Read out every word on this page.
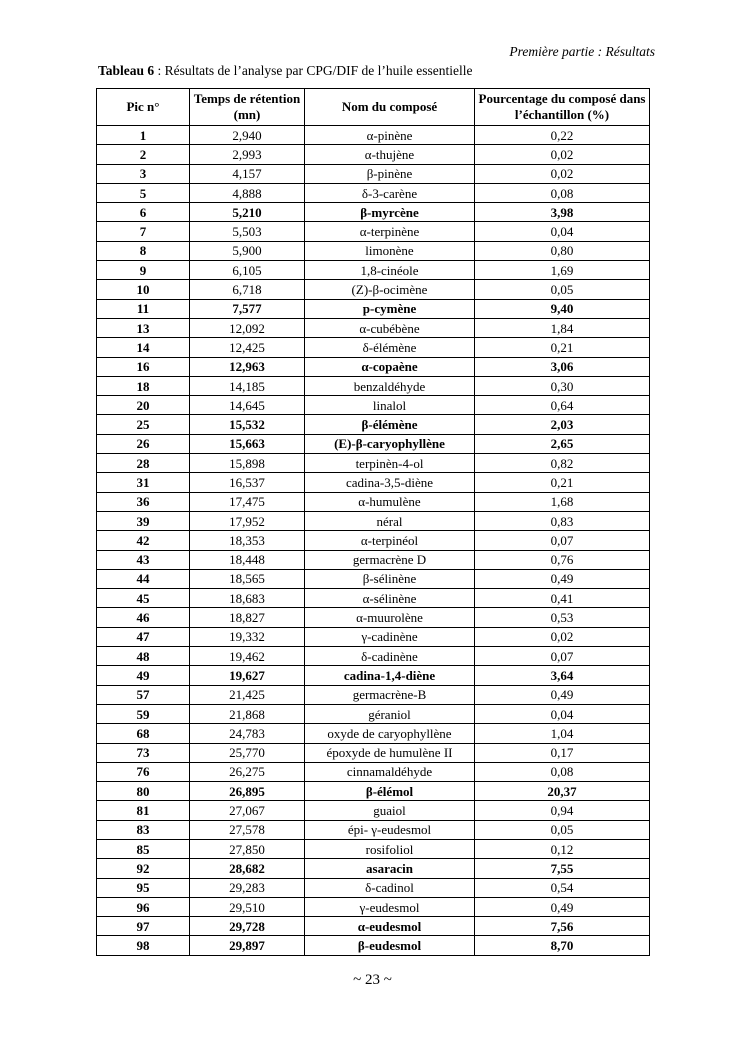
Première partie : Résultats
Tableau 6 : Résultats de l’analyse par CPG/DIF de l’huile essentielle
Pic n°	Temps de rétention (mn)	Nom du composé	Pourcentage du composé dans l’échantillon (%)
1	2,940	α-pinène	0,22
2	2,993	α-thujène	0,02
3	4,157	β-pinène	0,02
5	4,888	δ-3-carène	0,08
6	5,210	β-myrcène	3,98
7	5,503	α-terpinène	0,04
8	5,900	limonène	0,80
9	6,105	1,8-cinéole	1,69
10	6,718	(Z)-β-ocimène	0,05
11	7,577	p-cymène	9,40
13	12,092	α-cubébène	1,84
14	12,425	δ-élémène	0,21
16	12,963	α-copaène	3,06
18	14,185	benzaldéhyde	0,30
20	14,645	linalol	0,64
25	15,532	β-élémène	2,03
26	15,663	(E)-β-caryophyllène	2,65
28	15,898	terpinèn-4-ol	0,82
31	16,537	cadina-3,5-diène	0,21
36	17,475	α-humulène	1,68
39	17,952	néral	0,83
42	18,353	α-terpinéol	0,07
43	18,448	germacrène D	0,76
44	18,565	β-sélinène	0,49
45	18,683	α-sélinène	0,41
46	18,827	α-muurolène	0,53
47	19,332	γ-cadinène	0,02
48	19,462	δ-cadinène	0,07
49	19,627	cadina-1,4-diène	3,64
57	21,425	germacrène-B	0,49
59	21,868	géraniol	0,04
68	24,783	oxyde de caryophyllène	1,04
73	25,770	époxyde de humulène II	0,17
76	26,275	cinnamaldéhyde	0,08
80	26,895	β-élémol	20,37
81	27,067	guaiol	0,94
83	27,578	épi- γ-eudesmol	0,05
85	27,850	rosifoliol	0,12
92	28,682	asaracin	7,55
95	29,283	δ-cadinol	0,54
96	29,510	γ-eudesmol	0,49
97	29,728	α-eudesmol	7,56
98	29,897	β-eudesmol	8,70
~ 23 ~
